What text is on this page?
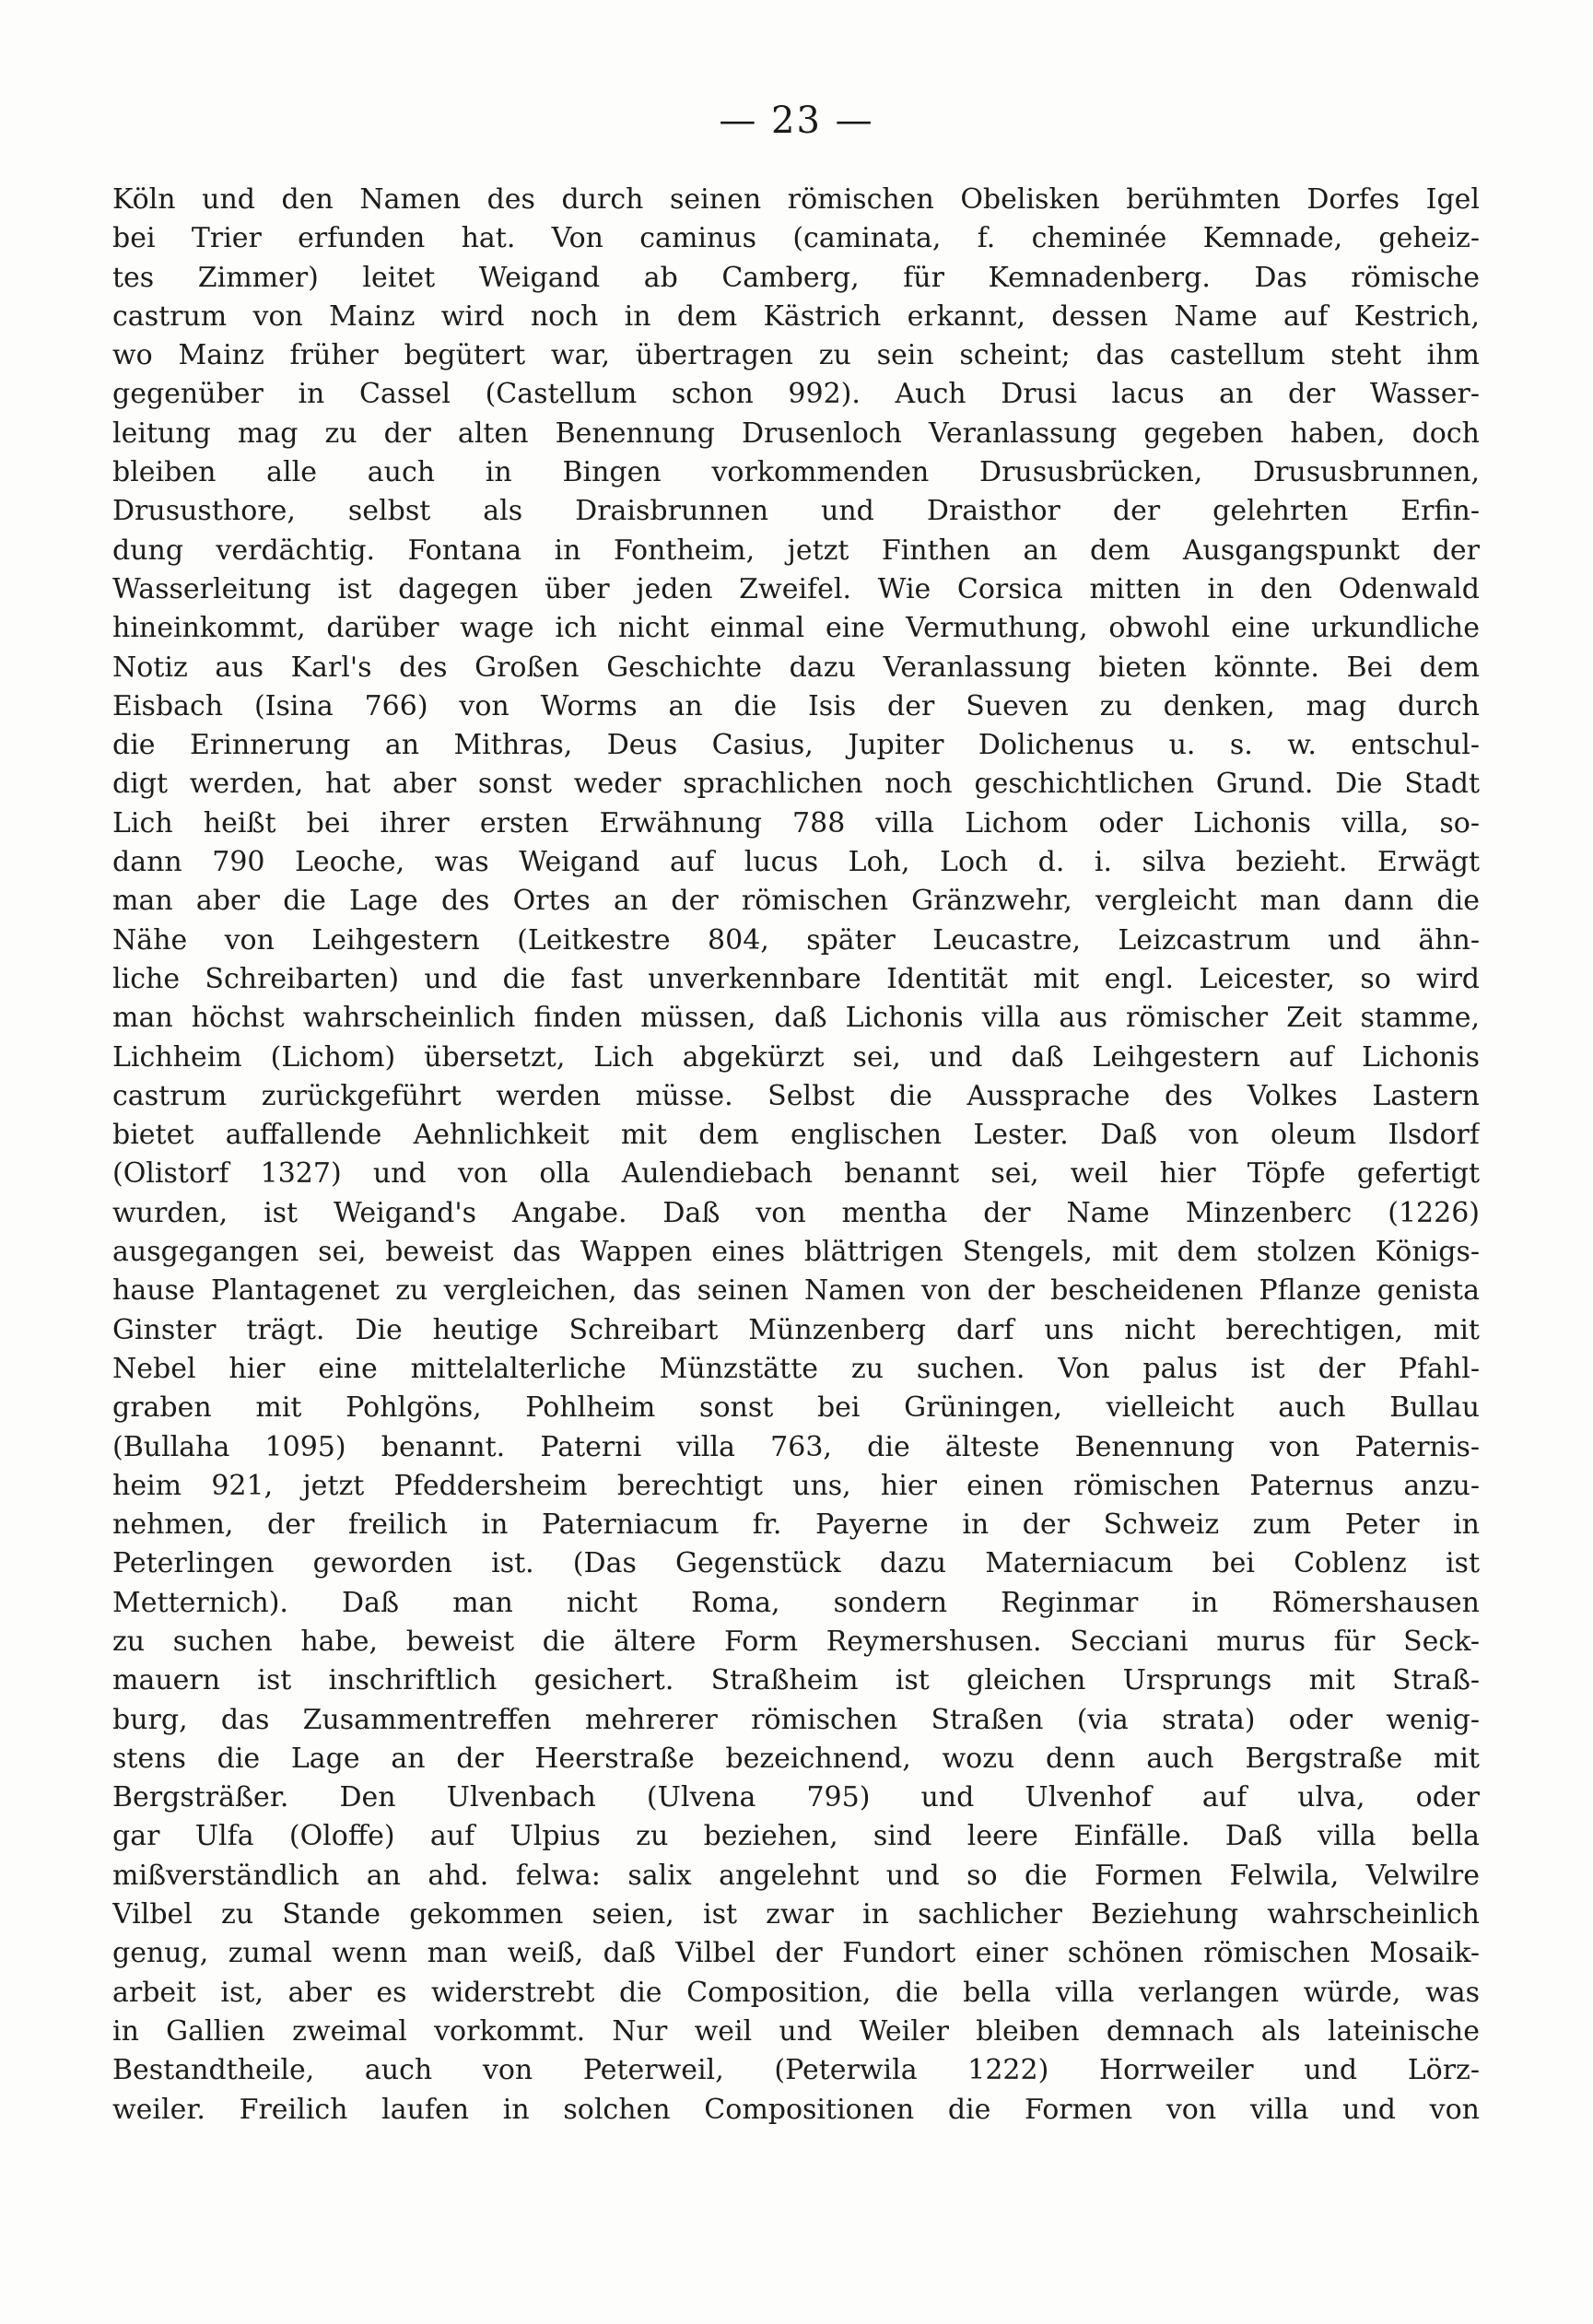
— 23 —
Köln und den Namen des durch seinen römischen Obelisken berühmten Dorfes Igel
bei Trier erfunden hat. Von caminus (caminata, f. cheminée Kemnade, geheiz-
tes Zimmer) leitet Weigand ab Camberg, für Kemnadenberg. Das römische
castrum von Mainz wird noch in dem Kästrich erkannt, dessen Name auf Kestrich,
wo Mainz früher begütert war, übertragen zu sein scheint; das castellum steht ihm
gegenüber in Cassel (Castellum schon 992). Auch Drusi lacus an der Wasser-
leitung mag zu der alten Benennung Drusenloch Veranlassung gegeben haben, doch
bleiben alle auch in Bingen vorkommenden Drususbrücken, Drususbrunnen,
Drususthore, selbst als Draisbrunnen und Draisthor der gelehrten Erfin-
dung verdächtig. Fontana in Fontheim, jetzt Finthen an dem Ausgangspunkt der
Wasserleitung ist dagegen über jeden Zweifel. Wie Corsica mitten in den Odenwald
hineinkommt, darüber wage ich nicht einmal eine Vermuthung, obwohl eine urkundliche
Notiz aus Karl's des Großen Geschichte dazu Veranlassung bieten könnte. Bei dem
Eisbach (Isina 766) von Worms an die Isis der Sueven zu denken, mag durch
die Erinnerung an Mithras, Deus Casius, Jupiter Dolichenus u. s. w. entschul-
digt werden, hat aber sonst weder sprachlichen noch geschichtlichen Grund. Die Stadt
Lich heißt bei ihrer ersten Erwähnung 788 villa Lichom oder Lichonis villa, so-
dann 790 Leoche, was Weigand auf lucus Loh, Loch d. i. silva bezieht. Erwägt
man aber die Lage des Ortes an der römischen Gränzwehr, vergleicht man dann die
Nähe von Leihgestern (Leitkestre 804, später Leucastre, Leizcastrum und ähn-
liche Schreibarten) und die fast unverkennbare Identität mit engl. Leicester, so wird
man höchst wahrscheinlich finden müssen, daß Lichonis villa aus römischer Zeit stamme,
Lichheim (Lichom) übersetzt, Lich abgekürzt sei, und daß Leihgestern auf Lichonis
castrum zurückgeführt werden müsse. Selbst die Aussprache des Volkes Lastern
bietet auffallende Aehnlichkeit mit dem englischen Lester. Daß von oleum Ilsdorf
(Olistorf 1327) und von olla Aulendiebach benannt sei, weil hier Töpfe gefertigt
wurden, ist Weigand's Angabe. Daß von mentha der Name Minzenberc (1226)
ausgegangen sei, beweist das Wappen eines blättrigen Stengels, mit dem stolzen Königs-
hause Plantagenet zu vergleichen, das seinen Namen von der bescheidenen Pflanze genista
Ginster trägt. Die heutige Schreibart Münzenberg darf uns nicht berechtigen, mit
Nebel hier eine mittelalterliche Münzstätte zu suchen. Von palus ist der Pfahl-
graben mit Pohlgöns, Pohlheim sonst bei Grüningen, vielleicht auch Bullau
(Bullaha 1095) benannt. Paterni villa 763, die älteste Benennung von Paternis-
heim 921, jetzt Pfeddersheim berechtigt uns, hier einen römischen Paternus anzu-
nehmen, der freilich in Paterniacum fr. Payerne in der Schweiz zum Peter in
Peterlingen geworden ist. (Das Gegenstück dazu Materniacum bei Coblenz ist
Metternich). Daß man nicht Roma, sondern Reginmar in Römershausen
zu suchen habe, beweist die ältere Form Reymershusen. Secciani murus für Seck-
mauern ist inschriftlich gesichert. Straßheim ist gleichen Ursprungs mit Straß-
burg, das Zusammentreffen mehrerer römischen Straßen (via strata) oder wenig-
stens die Lage an der Heerstraße bezeichnend, wozu denn auch Bergstraße mit
Bergsträßer. Den Ulvenbach (Ulvena 795) und Ulvenhof auf ulva, oder
gar Ulfa (Oloffe) auf Ulpius zu beziehen, sind leere Einfälle. Daß villa bella
mißverständlich an ahd. felwa: salix angelehnt und so die Formen Felwila, Velwilre
Vilbel zu Stande gekommen seien, ist zwar in sachlicher Beziehung wahrscheinlich
genug, zumal wenn man weiß, daß Vilbel der Fundort einer schönen römischen Mosaik-
arbeit ist, aber es widerstrebt die Composition, die bella villa verlangen würde, was
in Gallien zweimal vorkommt. Nur weil und Weiler bleiben demnach als lateinische
Bestandtheile, auch von Peterweil, (Peterwila 1222) Horrweiler und Lörz-
weiler. Freilich laufen in solchen Compositionen die Formen von villa und von
